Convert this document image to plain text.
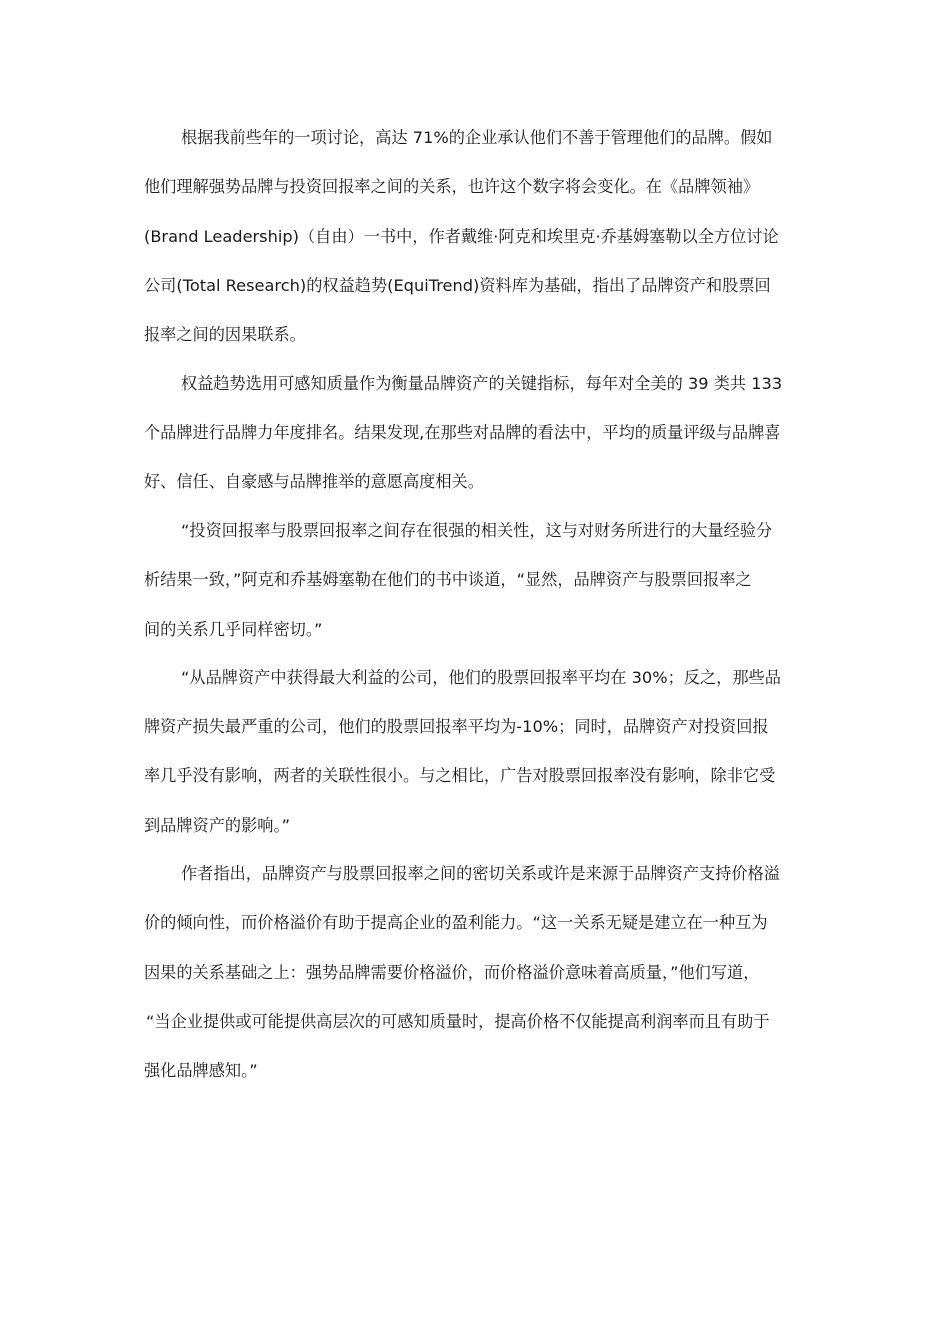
根据我前些年的一项讨论，高达 71%的企业承认他们不善于管理他们的品牌。假如
他们理解强势品牌与投资回报率之间的关系，也许这个数字将会变化。在《品牌领袖》
(Brand Leadership)（自由）一书中，作者戴维·阿克和埃里克·乔基姆塞勒以全方位讨论
公司(Total Research)的权益趋势(EquiTrend)资料库为基础，指出了品牌资产和股票回
报率之间的因果联系。
权益趋势选用可感知质量作为衡量品牌资产的关键指标，每年对全美的 39 类共 133
个品牌进行品牌力年度排名。结果发现,在那些对品牌的看法中，平均的质量评级与品牌喜
好、信任、自豪感与品牌推举的意愿高度相关。
“投资回报率与股票回报率之间存在很强的相关性，这与对财务所进行的大量经验分
析结果一致，”阿克和乔基姆塞勒在他们的书中谈道，“显然，品牌资产与股票回报率之
间的关系几乎同样密切。”
“从品牌资产中获得最大利益的公司，他们的股票回报率平均在 30%；反之，那些品
牌资产损失最严重的公司，他们的股票回报率平均为-10%；同时，品牌资产对投资回报
率几乎没有影响，两者的关联性很小。与之相比，广告对股票回报率没有影响，除非它受
到品牌资产的影响。”
作者指出，品牌资产与股票回报率之间的密切关系或许是来源于品牌资产支持价格溢
价的倾向性，而价格溢价有助于提高企业的盈利能力。“这一关系无疑是建立在一种互为
因果的关系基础之上：强势品牌需要价格溢价，而价格溢价意味着高质量，”他们写道，
“当企业提供或可能提供高层次的可感知质量时，提高价格不仅能提高利润率而且有助于
强化品牌感知。”
